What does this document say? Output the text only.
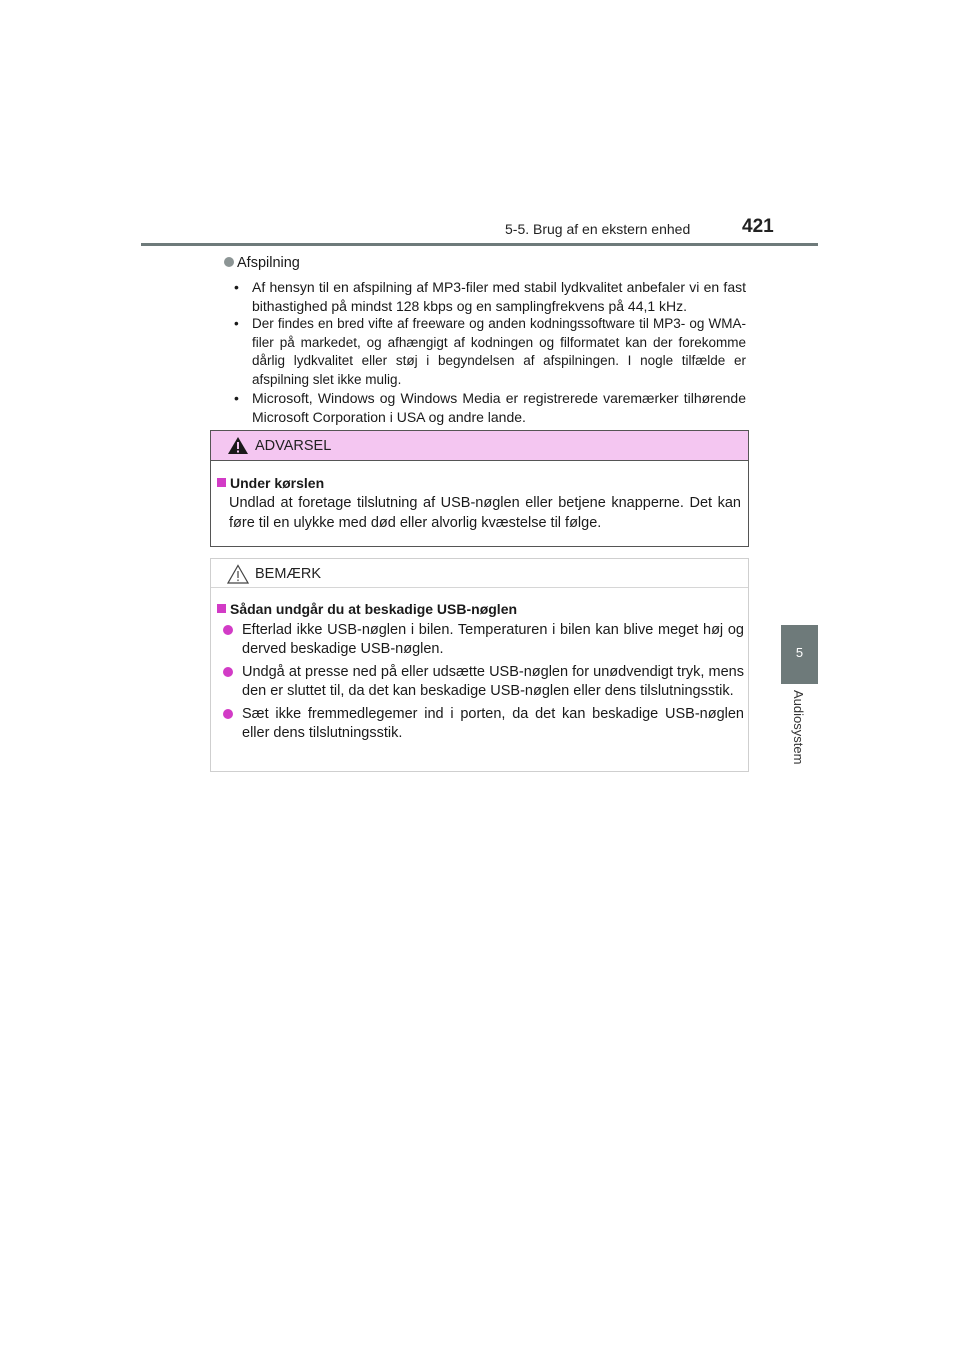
5-5. Brug af en ekstern enhed	421
5
Audiosystem
Afspilning
• Af hensyn til en afspilning af MP3-filer med stabil lydkvalitet anbefaler vi en fast bithastighed på mindst 128 kbps og en samplingfrekvens på 44,1 kHz.
• Der findes en bred vifte af freeware og anden kodningssoftware til MP3- og WMA-filer på markedet, og afhængigt af kodningen og filformatet kan der forekomme dårlig lydkvalitet eller støj i begyndelsen af afspilningen. I nogle tilfælde er afspilning slet ikke mulig.
• Microsoft, Windows og Windows Media er registrerede varemærker tilhørende Microsoft Corporation i USA og andre lande.
ADVARSEL
Under kørslen
Undlad at foretage tilslutning af USB-nøglen eller betjene knapperne. Det kan føre til en ulykke med død eller alvorlig kvæstelse til følge.
BEMÆRK
Sådan undgår du at beskadige USB-nøglen
Efterlad ikke USB-nøglen i bilen. Temperaturen i bilen kan blive meget høj og derved beskadige USB-nøglen.
Undgå at presse ned på eller udsætte USB-nøglen for unødvendigt tryk, mens den er sluttet til, da det kan beskadige USB-nøglen eller dens tilslutningsstik.
Sæt ikke fremmedlegemer ind i porten, da det kan beskadige USB-nøglen eller dens tilslutningsstik.
